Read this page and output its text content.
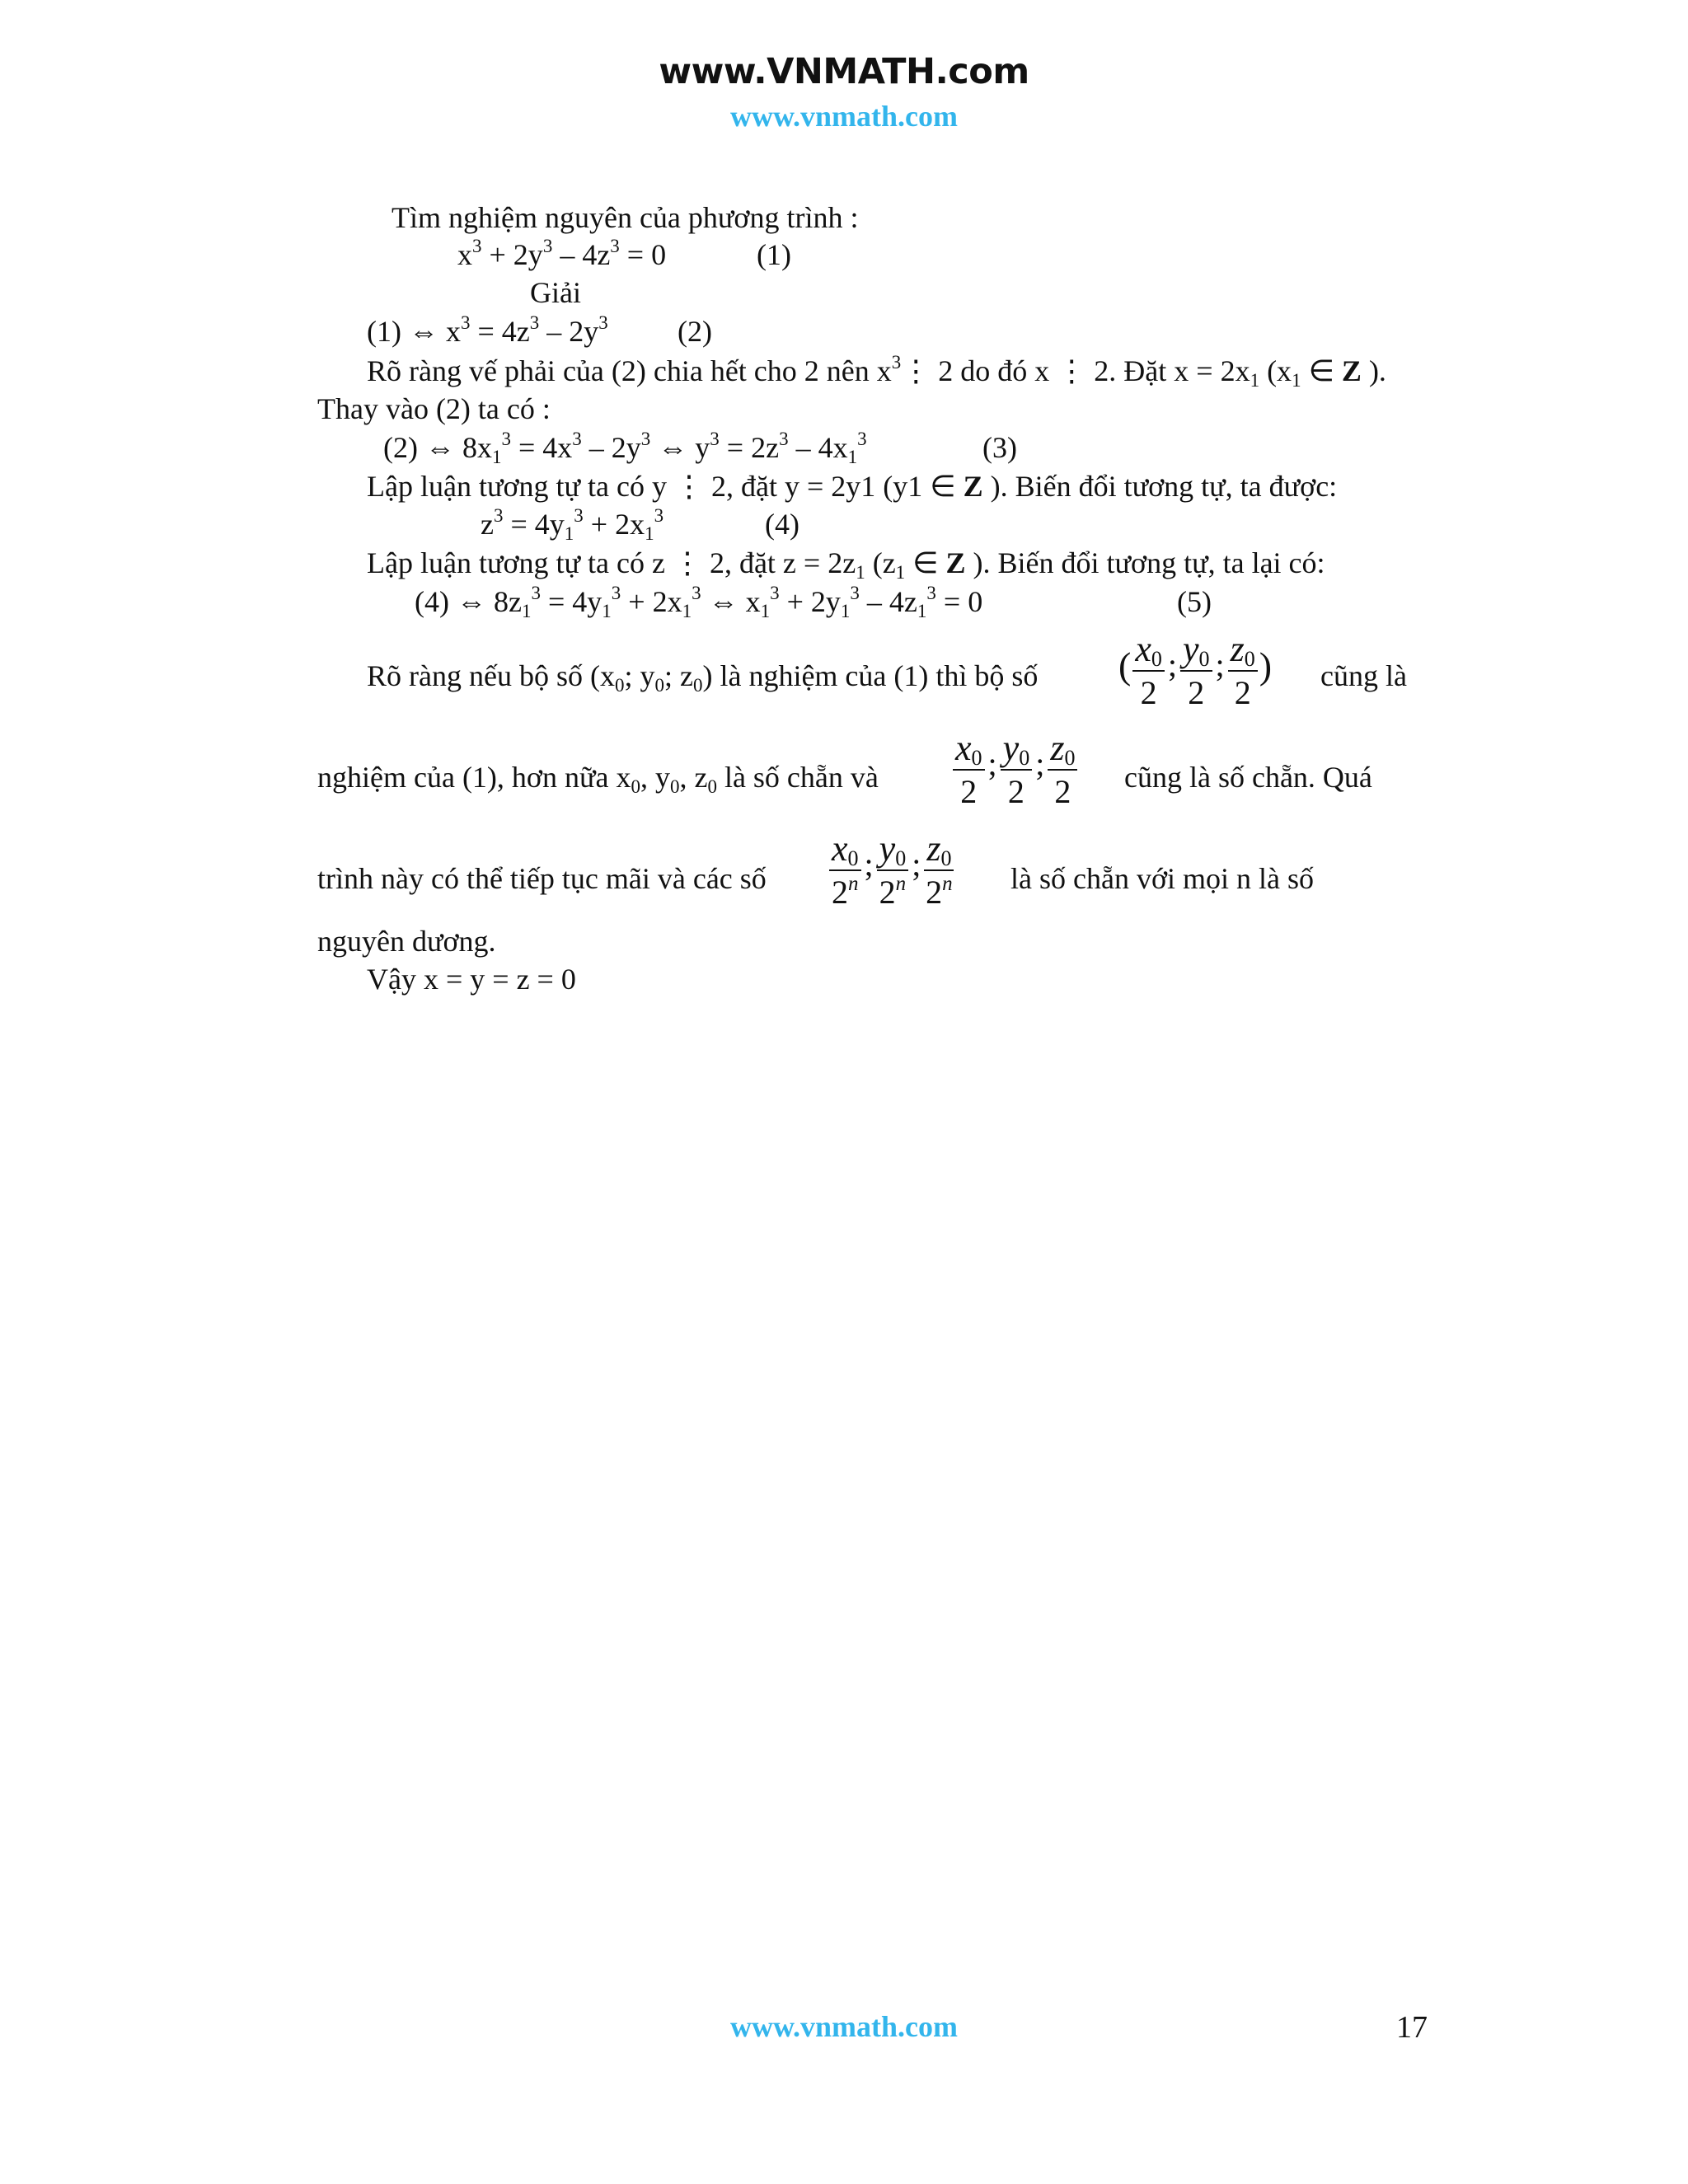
www.VNMATH.com
www.vnmath.com
Tìm nghiệm nguyên của phương trình :
$x^3 + 2y^3 - 4z^3 = 0$	(1)
Giải
(1) ⇔ $x^3 = 4z^3 - 2y^3$ (2)
Rõ ràng vế phải của (2) chia hết cho 2 nên $x^3⋮$ 2 do đó x ⋮ 2. Đặt $x = 2x_1$ ($x_1$ ∈ Z ).
Thay vào (2) ta có :
(2) ⇔ $8x_1^3 = 4x^3 - 2y^3$ ⇔ $y^3 = 2z^3 - 4x_1^3$	(3)
Lập luận tương tự ta có y ⋮ 2, đặt y = 2y1 (y1 ∈ Z ). Biến đổi tương tự, ta được:
$z^3 = 4y_1^3 + 2x_1^3$	(4)
Lập luận tương tự ta có z ⋮ 2, đặt $z = 2z_1$ ($z_1$ ∈ Z ). Biến đổi tương tự, ta lại có:
(4) ⇔ $8z_1^3 = 4y_1^3 + 2x_1^3$ ⇔ $x_1^3 + 2y_1^3 - 4z_1^3 = 0$	(5)
Rõ ràng nếu bộ số ($x_0$; $y_0$; $z_0$) là nghiệm của (1) thì bộ số ( $\frac{x_0}{2}$ ; $\frac{y_0}{2}$ ; $\frac{z_0}{2}$ ) cũng là
nghiệm của (1), hơn nữa $x_0$, $y_0$, $z_0$ là số chẵn và $\frac{x_0}{2}$ ; $\frac{y_0}{2}$ ; $\frac{z_0}{2}$ cũng là số chẵn. Quá
trình này có thể tiếp tục mãi và các số $\frac{x_0}{2^n}$ ; $\frac{y_0}{2^n}$ ; $\frac{z_0}{2^n}$ là số chẵn với mọi n là số
nguyên dương.
Vậy x = y = z = 0
www.vnmath.com	17
